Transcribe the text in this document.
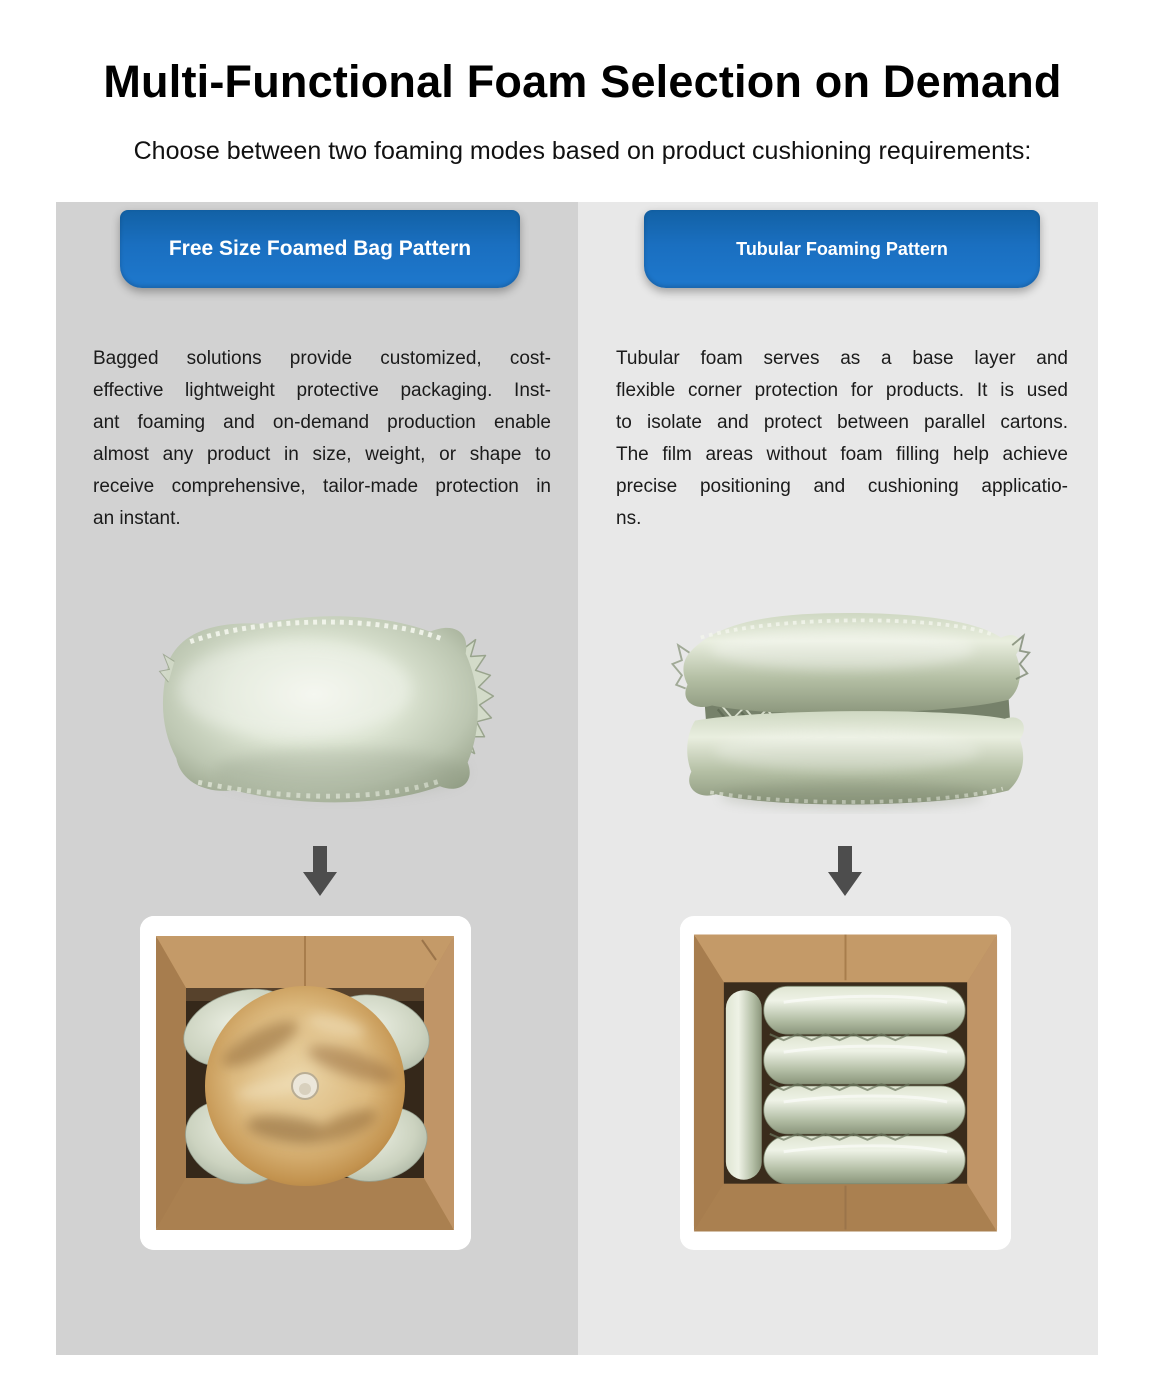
Multi-Functional Foam Selection on Demand
Choose between two foaming modes based on product cushioning requirements:
Free Size Foamed Bag Pattern

Bagged solutions provide customized, cost-
effective lightweight protective packaging. Inst-
ant foaming and on-demand production enable
almost any product in size, weight, or shape to
receive comprehensive, tailor-made protection in
an instant.

Tubular Foaming Pattern

Tubular foam serves as a base layer and
flexible corner protection for products. It is used
to isolate and protect between parallel cartons.
The film areas without foam filling help achieve
precise positioning and cushioning applicatio-
ns.
